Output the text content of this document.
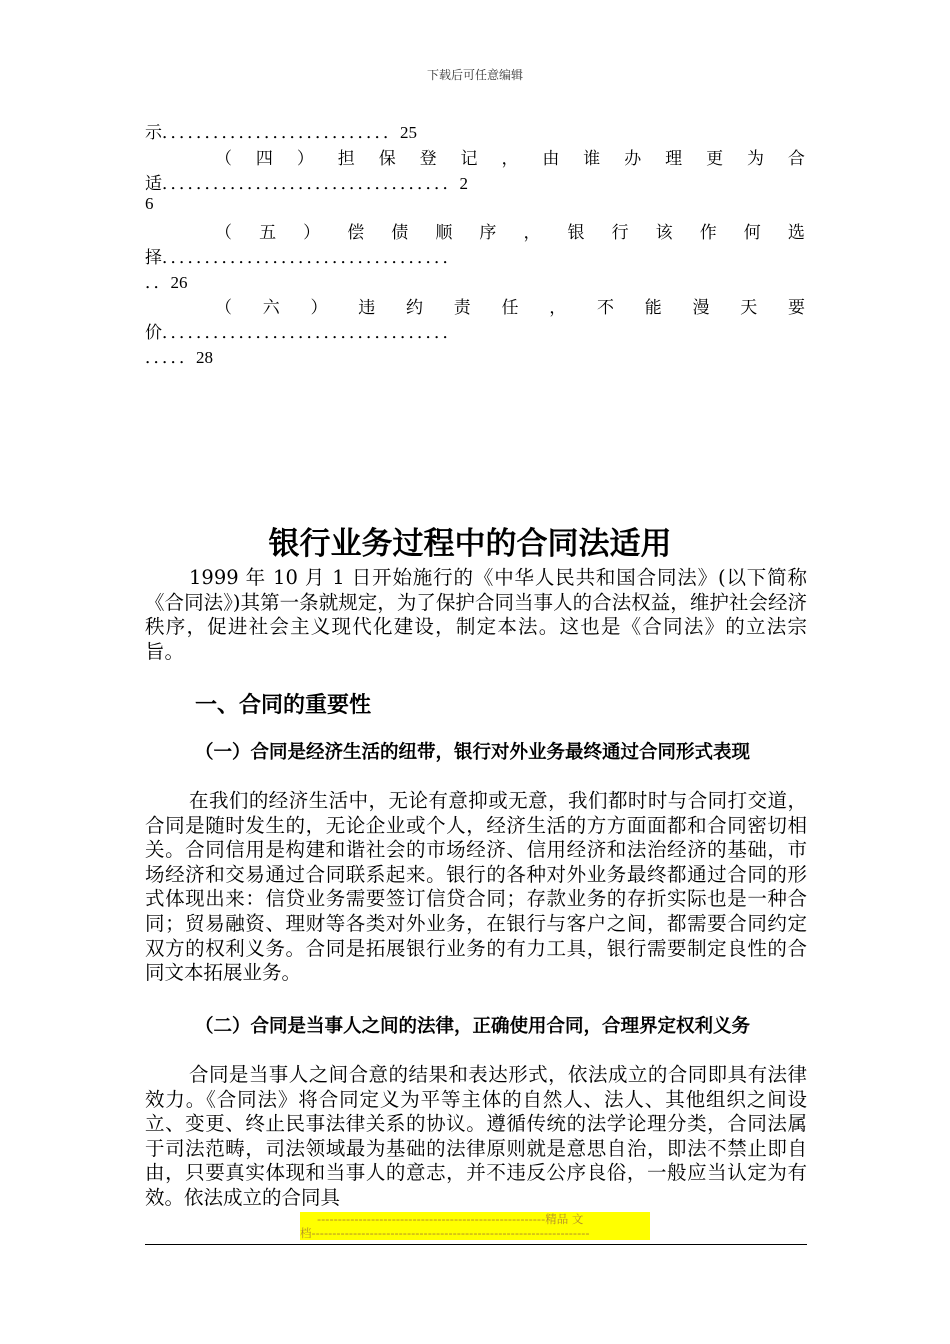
下载后可任意编辑
示．．．．．．．．．．．．．．．．．．．．．．．．．．．25
（ 四 ） 担 保 登 记 ， 由 谁 办 理 更 为 合
适．．．．．．．．．．．．．．．．．．．．．．．．．．．．．．．．．．2
6
（ 五 ） 偿 债 顺 序 ， 银 行 该 作 何 选
择．．．．．．．．．．．．．．．．．．．．．．．．．．．．．．．．．．
．．26
（ 六 ） 违 约 责 任 ， 不 能 漫 天 要
价．．．．．．．．．．．．．．．．．．．．．．．．．．．．．．．．．．
．．．．．28
银行业务过程中的合同法适用
1999 年 10 月 1 日开始施行的《中华人民共和国合同法》(以下简称《合同法》)其第一条就规定，为了保护合同当事人的合法权益，维护社会经济秩序，促进社会主义现代化建设，制定本法。这也是《合同法》的立法宗旨。
一、合同的重要性
（一）合同是经济生活的纽带，银行对外业务最终通过合同形式表现
在我们的经济生活中，无论有意抑或无意，我们都时时与合同打交道，合同是随时发生的，无论企业或个人，经济生活的方方面面都和合同密切相关。合同信用是构建和谐社会的市场经济、信用经济和法治经济的基础，市场经济和交易通过合同联系起来。银行的各种对外业务最终都通过合同的形式体现出来：信贷业务需要签订信贷合同；存款业务的存折实际也是一种合同；贸易融资、理财等各类对外业务，在银行与客户之间，都需要合同约定双方的权利义务。合同是拓展银行业务的有力工具，银行需要制定良性的合同文本拓展业务。
（二）合同是当事人之间的法律，正确使用合同，合理界定权利义务
合同是当事人之间合意的结果和表达形式，依法成立的合同即具有法律效力。《合同法》将合同定义为平等主体的自然人、法人、其他组织之间设立、变更、终止民事法律关系的协议。遵循传统的法学论理分类，合同法属于司法范畴，司法领域最为基础的法律原则就是意思自治，即法不禁止即自由，只要真实体现和当事人的意志，并不违反公序良俗，一般应当认定为有效。依法成立的合同具
-------------------------------------------------------精品 文
档-------------------------------------------------------------------
